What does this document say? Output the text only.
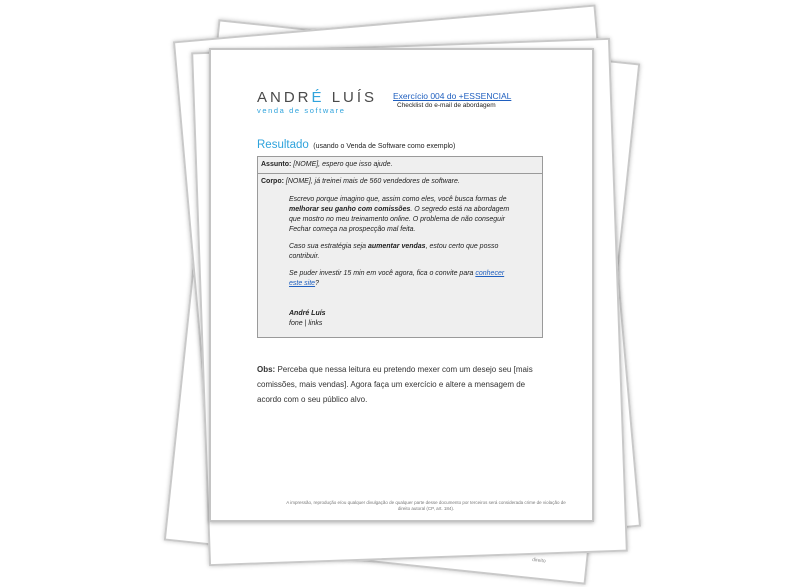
direito
ANDRÉ LUÍS
venda de software
Exercício 004 do +ESSENCIAL
Checklist do e-mail de abordagem
Resultado (usando o Venda de Software como exemplo)
Assunto: [NOME], espero que isso ajude.
Corpo: [NOME], já treinei mais de 560 vendedores de software.
Escrevo porque imagino que, assim como eles, você busca formas de melhorar seu ganho com comissões. O segredo está na abordagem que mostro no meu treinamento online. O problema de não conseguir Fechar começa na prospecção mal feita.
Caso sua estratégia seja aumentar vendas, estou certo que posso contribuir.
Se puder investir 15 min em você agora, fica o convite para conhecer este site?
André Luís
fone | links
Obs: Perceba que nessa leitura eu pretendo mexer com um desejo seu [mais comissões, mais vendas]. Agora faça um exercício e altere a mensagem de acordo com o seu público alvo.
A impressão, reprodução e/ou qualquer divulgação de qualquer parte desse documento por terceiros será considerada crime de violação de direito autoral (CP, art. 184).
